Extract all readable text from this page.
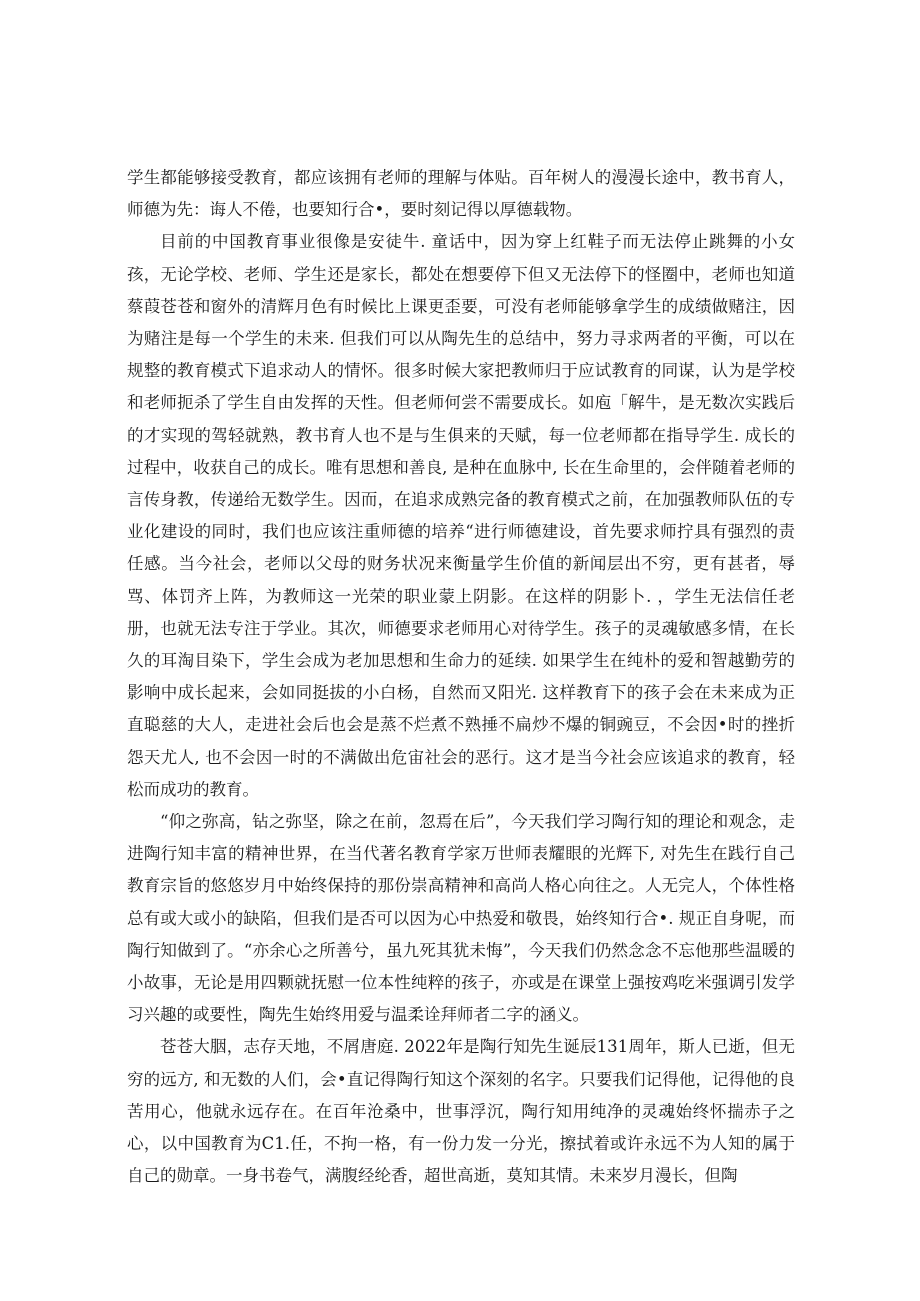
学生都能够接受教育，都应该拥有老师的理解与体贴。百年树人的漫漫长途中，教书育人，师德为先：诲人不倦，也要知行合•，要时刻记得以厚德载物。

目前的中国教育事业很像是安徒牛. 童话中，因为穿上红鞋子而无法停止跳舞的小女孩，无论学校、老师、学生还是家长，都处在想要停下但又无法停下的怪圈中，老师也知道蔡葭苍苍和窗外的清辉月色有时候比上课更歪要，可没有老师能够拿学生的成绩做赌注，因为赌注是每一个学生的未来. 但我们可以从陶先生的总结中，努力寻求两者的平衡，可以在规整的教育模式下追求动人的情怀。很多时候大家把教师归于应试教育的同谋，认为是学校和老师扼杀了学生自由发挥的天性。但老师何尝不需要成长。如庖「解牛，是无数次实践后的才实现的驾轻就熟，教书育人也不是与生俱来的天赋，每一位老师都在指导学生. 成长的过程中，收获自己的成长。唯有思想和善良, 是种在血脉中, 长在生命里的，会伴随着老师的言传身教，传递给无数学生。因而，在追求成熟完备的教育模式之前，在加强教师队伍的专业化建设的同时，我们也应该注重师德的培养“进行师德建设，首先要求师拧具有强烈的责任感。当今社会，老师以父母的财务状况来衡量学生价值的新闻层出不穷，更有甚者，辱骂、体罚齐上阵，为教师这一光荣的职业蒙上阴影。在这样的阴影卜. ，学生无法信任老册，也就无法专注于学业。其次，师德要求老师用心对待学生。孩子的灵魂敏感多情，在长久的耳淘目染下，学生会成为老加思想和生命力的延续. 如果学生在纯朴的爱和智越勤劳的影响中成长起来，会如同挺拔的小白杨，自然而又阳光. 这样教育下的孩子会在未来成为正直聪慈的大人，走进社会后也会是蒸不烂煮不熟捶不扁炒不爆的铜豌豆，不会因•时的挫折怨天尤人, 也不会因一时的不满做出危宙社会的恶行。这才是当今社会应该追求的教育，轻松而成功的教育。

“仰之弥高，钻之弥坚，除之在前，忽焉在后”，今天我们学习陶行知的理论和观念，走进陶行知丰富的精神世界，在当代著名教育学家万世师表耀眼的光辉下, 对先生在践行自己教育宗旨的悠悠岁月中始终保持的那份崇高精神和高尚人格心向往之。人无完人，个体性格总有或大或小的缺陷，但我们是否可以因为心中热爱和敬畏，始终知行合•. 规正自身呢，而陶行知做到了。“亦余心之所善兮，虽九死其犹未悔”，今天我们仍然念念不忘他那些温暖的小故事，无论是用四颗就抚慰一位本性纯粹的孩子，亦或是在课堂上强按鸡吃米强调引发学习兴趣的或要性，陶先生始终用爱与温柔诠拜师者二字的涵义。

苍苍大胭，志存天地，不屑唐庭. 2022年是陶行知先生诞辰131周年，斯人已逝，但无穷的远方, 和无数的人们，会•直记得陶行知这个深刻的名字。只要我们记得他，记得他的良苦用心，他就永远存在。在百年沧桑中，世事浮沉，陶行知用纯净的灵魂始终怀揣赤子之心，以中国教育为C1.任，不拘一格，有一份力发一分光，擦拭着或许永远不为人知的属于自己的勋章。一身书卷气，满腹经纶香，超世高逝，莫知其情。未来岁月漫长，但陶
